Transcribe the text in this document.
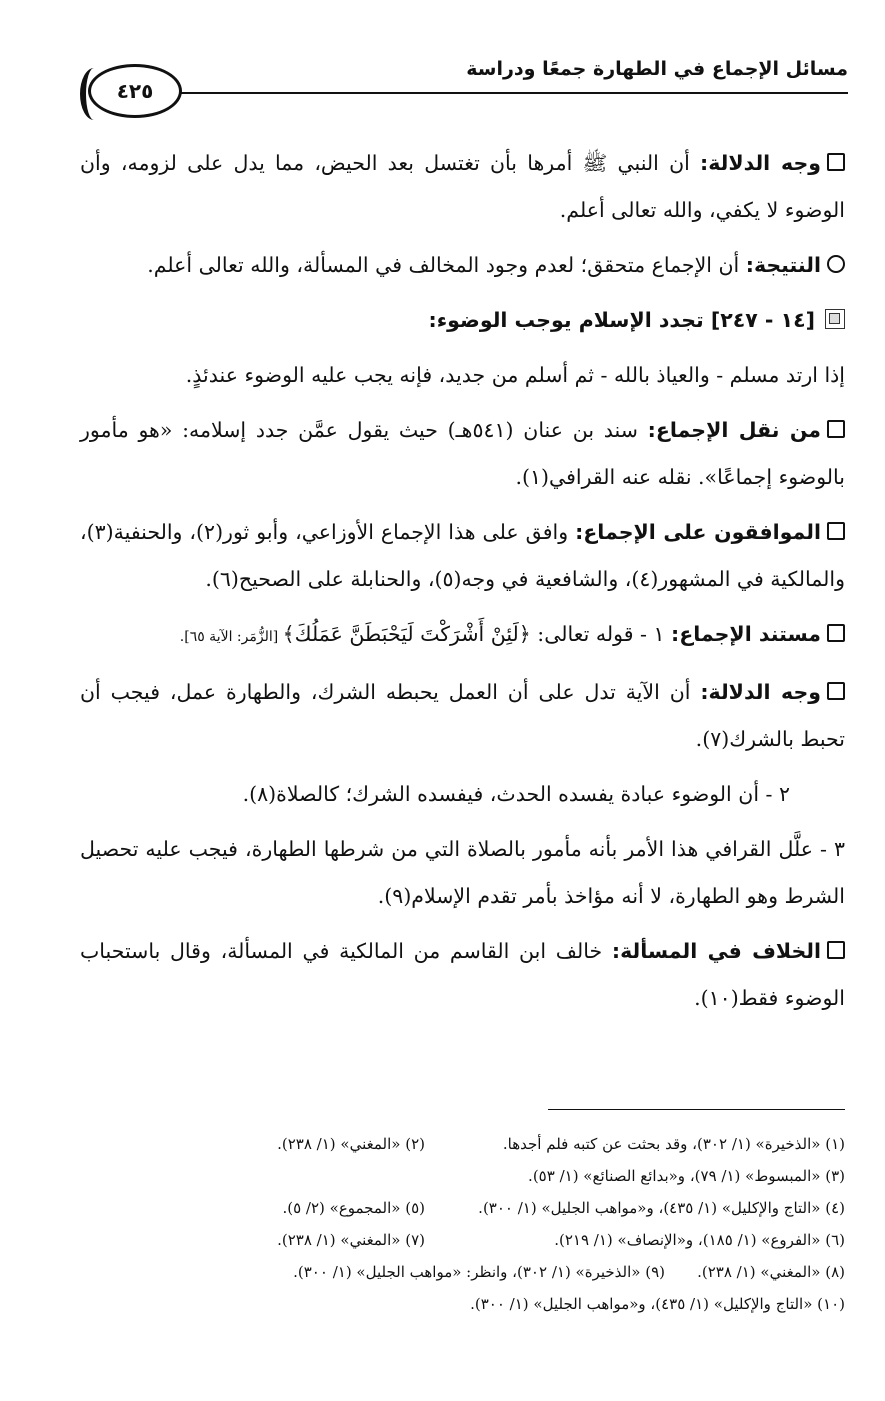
مسائل الإجماع في الطهارة جمعًا ودراسة
٤٢٥

وجه الدلالة: أن النبي ﷺ أمرها بأن تغتسل بعد الحيض، مما يدل على لزومه، وأن الوضوء لا يكفي، والله تعالى أعلم.

النتيجة: أن الإجماع متحقق؛ لعدم وجود المخالف في المسألة، والله تعالى أعلم.

[١٤ - ٢٤٧] تجدد الإسلام يوجب الوضوء:

إذا ارتد مسلم - والعياذ بالله - ثم أسلم من جديد، فإنه يجب عليه الوضوء عندئذٍ.

من نقل الإجماع: سند بن عنان (٥٤١هـ) حيث يقول عمَّن جدد إسلامه: «هو مأمور بالوضوء إجماعًا». نقله عنه القرافي(١).

الموافقون على الإجماع: وافق على هذا الإجماع الأوزاعي، وأبو ثور(٢)، والحنفية(٣)، والمالكية في المشهور(٤)، والشافعية في وجه(٥)، والحنابلة على الصحيح(٦).

مستند الإجماع: ١ - قوله تعالى: ﴿لَئِنْ أَشْرَكْتَ لَيَحْبَطَنَّ عَمَلُكَ﴾ [الزُّمَر: الآية ٦٥].

وجه الدلالة: أن الآية تدل على أن العمل يحبطه الشرك، والطهارة عمل، فيجب أن تحبط بالشرك(٧).

٢ - أن الوضوء عبادة يفسده الحدث، فيفسده الشرك؛ كالصلاة(٨).

٣ - علَّل القرافي هذا الأمر بأنه مأمور بالصلاة التي من شرطها الطهارة، فيجب عليه تحصيل الشرط وهو الطهارة، لا أنه مؤاخذ بأمر تقدم الإسلام(٩).

الخلاف في المسألة: خالف ابن القاسم من المالكية في المسألة، وقال باستحباب الوضوء فقط(١٠).

(١) «الذخيرة» (١/ ٣٠٢)، وقد بحثت عن كتبه فلم أجدها.
(٢) «المغني» (١/ ٢٣٨).
(٣) «المبسوط» (١/ ٧٩)، و«بدائع الصنائع» (١/ ٥٣).
(٤) «التاج والإكليل» (١/ ٤٣٥)، و«مواهب الجليل» (١/ ٣٠٠).
(٥) «المجموع» (٢/ ٥).
(٦) «الفروع» (١/ ١٨٥)، و«الإنصاف» (١/ ٢١٩).
(٧) «المغني» (١/ ٢٣٨).
(٨) «المغني» (١/ ٢٣٨).
(٩) «الذخيرة» (١/ ٣٠٢)، وانظر: «مواهب الجليل» (١/ ٣٠٠).
(١٠) «التاج والإكليل» (١/ ٤٣٥)، و«مواهب الجليل» (١/ ٣٠٠).
